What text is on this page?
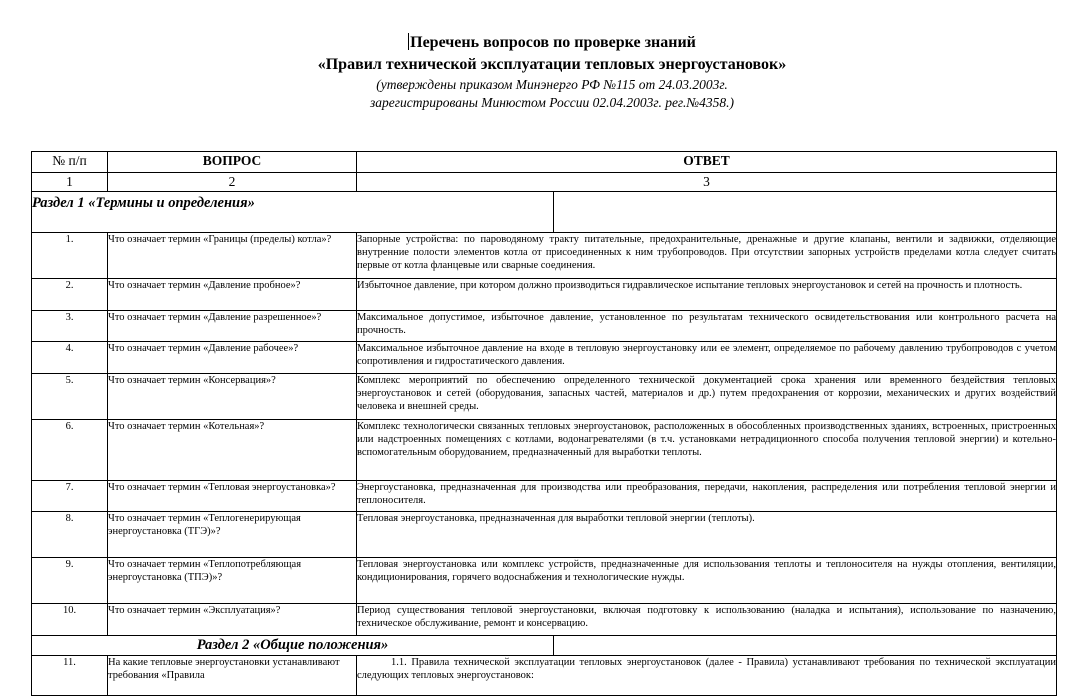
Перечень вопросов по проверке знаний
«Правил технической эксплуатации тепловых энергоустановок»
(утверждены приказом Минэнерго РФ №115 от 24.03.2003г.
зарегистрированы Минюстом России 02.04.2003г. рег.№4358.)
№ п/п	ВОПРОС	ОТВЕТ	
1	2	3	
Раздел 1 «Термины и определения»			
1.	Что означает термин «Границы (пределы) котла»?	Запорные устройства: по пароводяному тракту питательные, предохранительные, дренажные и другие клапаны, вентили и задвижки, отделяющие внутренние полости элементов котла от присоединенных к ним трубопроводов. При отсутствии запорных устройств пределами котла следует считать первые от котла фланцевые или сварные соединения.	
2.	Что означает термин «Давление пробное»?	Избыточное давление, при котором должно производиться гидравлическое испытание тепловых энергоустановок и сетей на прочность и плотность.	
3.	Что означает термин «Давление разрешенное»?	Максимальное допустимое, избыточное давление, установленное по результатам технического освидетельствования или контрольного расчета на прочность.	
4.	Что означает термин «Давление рабочее»?	Максимальное избыточное давление на входе в тепловую энергоустановку или ее элемент, определяемое по рабочему давлению трубопроводов с учетом сопротивления и гидростатического давления.	
5.	Что означает термин «Консервация»?	Комплекс мероприятий по обеспечению определенного технической документацией срока хранения или временного бездействия тепловых энергоустановок и сетей (оборудования, запасных частей, материалов и др.) путем предохранения от коррозии, механических и других воздействий человека и внешней среды.	
6.	Что означает термин «Котельная»?	Комплекс технологически связанных тепловых энергоустановок, расположенных в обособленных производственных зданиях, встроенных, пристроенных или надстроенных помещениях с котлами, водонагревателями (в т.ч. установками нетрадиционного способа получения тепловой энергии) и котельно-вспомогательным оборудованием, предназначенный для выработки теплоты.	
7.	Что означает термин «Тепловая энергоустановка»?	Энергоустановка, предназначенная для производства или преобразования, передачи, накопления, распределения или потребления тепловой энергии и теплоносителя.	
8.	Что означает термин «Теплогенерирующая энергоустановка (ТГЭ)»?	Тепловая энергоустановка, предназначенная для выработки тепловой энергии (теплоты).	
9.	Что означает термин «Теплопотребляющая энергоустановка (ТПЭ)»?	Тепловая энергоустановка или комплекс устройств, предназначенные для использования теплоты и теплоносителя на нужды отопления, вентиляции, кондиционирования, горячего водоснабжения и технологические нужды.	
10.	Что означает термин «Эксплуатация»?	Период существования тепловой энергоустановки, включая подготовку к использованию (наладка и испытания), использование по назначению, техническое обслуживание, ремонт и консервацию.	
Раздел 2 «Общие положения»			
11.	На какие тепловые энергоустановки устанавливают требования «Правила	1.1. Правила технической эксплуатации тепловых энергоустановок (далее - Правила) устанавливают требования по технической эксплуатации следующих тепловых энергоустановок:	
